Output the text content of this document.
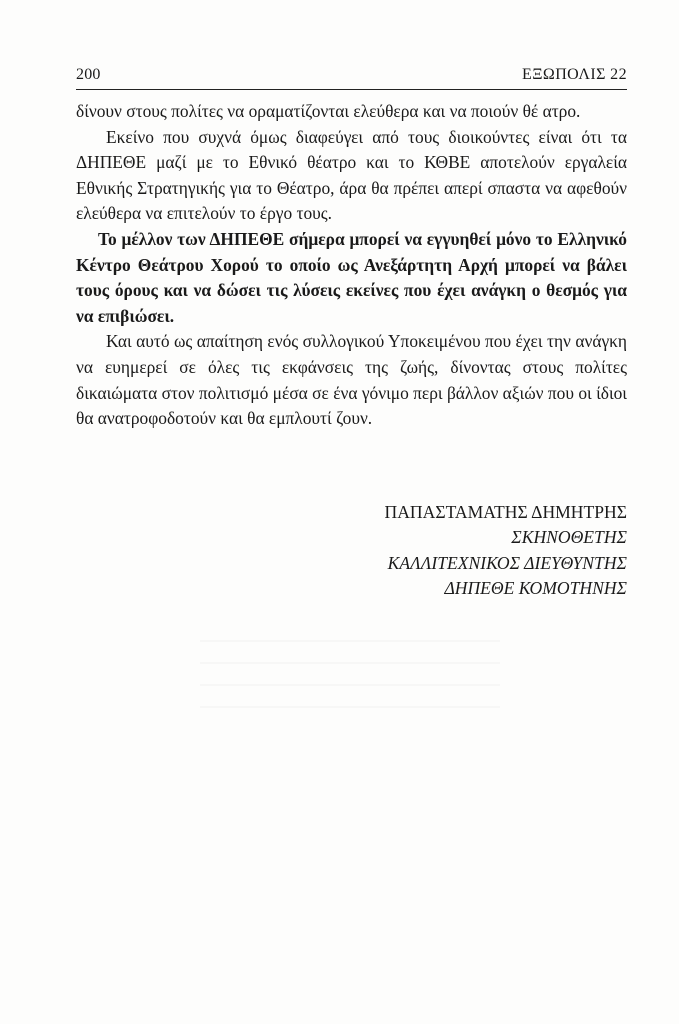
200	ΕΞΩΠΟΛΙΣ 22

δίνουν στους πολίτες να οραματίζονται ελεύθερα και να ποιούν θέ ατρο.

Εκείνο που συχνά όμως διαφεύγει από τους διοικούντες είναι ότι τα ΔΗΠΕΘΕ μαζί με το Εθνικό θέατρο και το ΚΘΒΕ αποτελούν εργαλεία Εθνικής Στρατηγικής για το Θέατρο, άρα θα πρέπει απερί σπαστα να αφεθούν ελεύθερα να επιτελούν το έργο τους.

Το μέλλον των ΔΗΠΕΘΕ σήμερα μπορεί να εγγυηθεί μόνο το Ελληνικό Κέντρο Θεάτρου Χορού το οποίο ως Ανεξάρτητη Αρχή μπορεί να βάλει τους όρους και να δώσει τις λύσεις εκείνες που έχει ανάγκη ο θεσμός για να επιβιώσει.

Και αυτό ως απαίτηση ενός συλλογικού Υποκειμένου που έχει την ανάγκη να ευημερεί σε όλες τις εκφάνσεις της ζωής, δίνοντας στους πολίτες δικαιώματα στον πολιτισμό μέσα σε ένα γόνιμο περι βάλλον αξιών που οι ίδιοι θα ανατροφοδοτούν και θα εμπλουτί ζουν.

ΠΑΠΑΣΤΑΜΑΤΗΣ ΔΗΜΗΤΡΗΣ
ΣΚΗΝΟΘΕΤΗΣ
ΚΑΛΛΙΤΕΧΝΙΚΟΣ ΔΙΕΥΘΥΝΤΗΣ
ΔΗΠΕΘΕ ΚΟΜΟΤΗΝΗΣ
